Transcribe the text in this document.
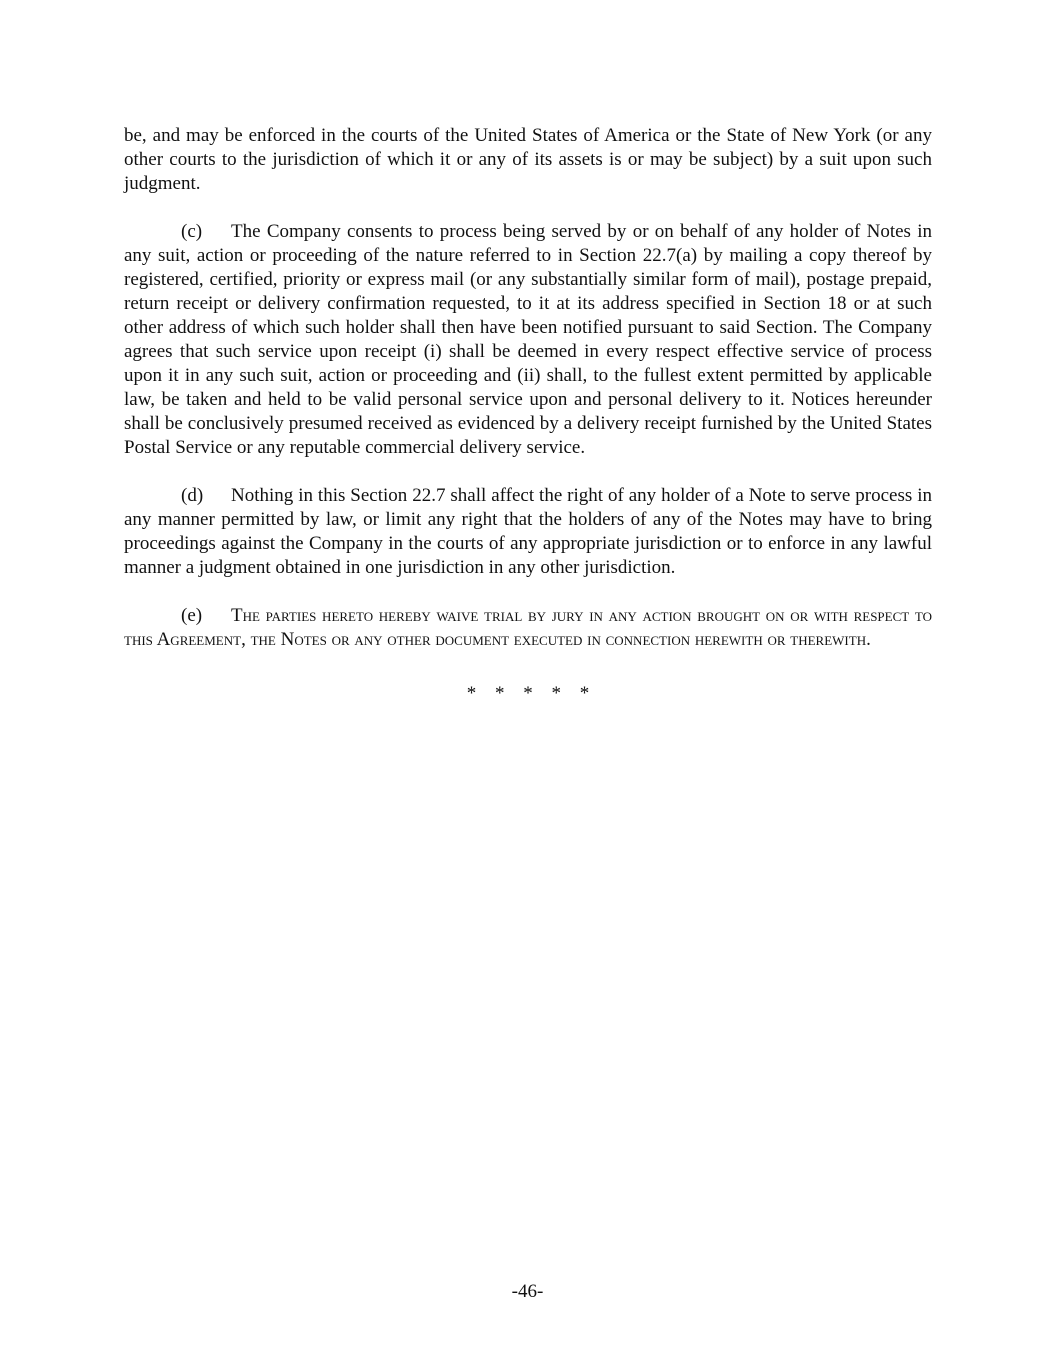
be, and may be enforced in the courts of the United States of America or the State of New York (or any other courts to the jurisdiction of which it or any of its assets is or may be subject) by a suit upon such judgment.

(c) The Company consents to process being served by or on behalf of any holder of Notes in any suit, action or proceeding of the nature referred to in Section 22.7(a) by mailing a copy thereof by registered, certified, priority or express mail (or any substantially similar form of mail), postage prepaid, return receipt or delivery confirmation requested, to it at its address specified in Section 18 or at such other address of which such holder shall then have been notified pursuant to said Section. The Company agrees that such service upon receipt (i) shall be deemed in every respect effective service of process upon it in any such suit, action or proceeding and (ii) shall, to the fullest extent permitted by applicable law, be taken and held to be valid personal service upon and personal delivery to it. Notices hereunder shall be conclusively presumed received as evidenced by a delivery receipt furnished by the United States Postal Service or any reputable commercial delivery service.

(d) Nothing in this Section 22.7 shall affect the right of any holder of a Note to serve process in any manner permitted by law, or limit any right that the holders of any of the Notes may have to bring proceedings against the Company in the courts of any appropriate jurisdiction or to enforce in any lawful manner a judgment obtained in one jurisdiction in any other jurisdiction.

(e) The parties hereto hereby waive trial by jury in any action brought on or with respect to this Agreement, the Notes or any other document executed in connection herewith or therewith.

* * * * *
-46-
